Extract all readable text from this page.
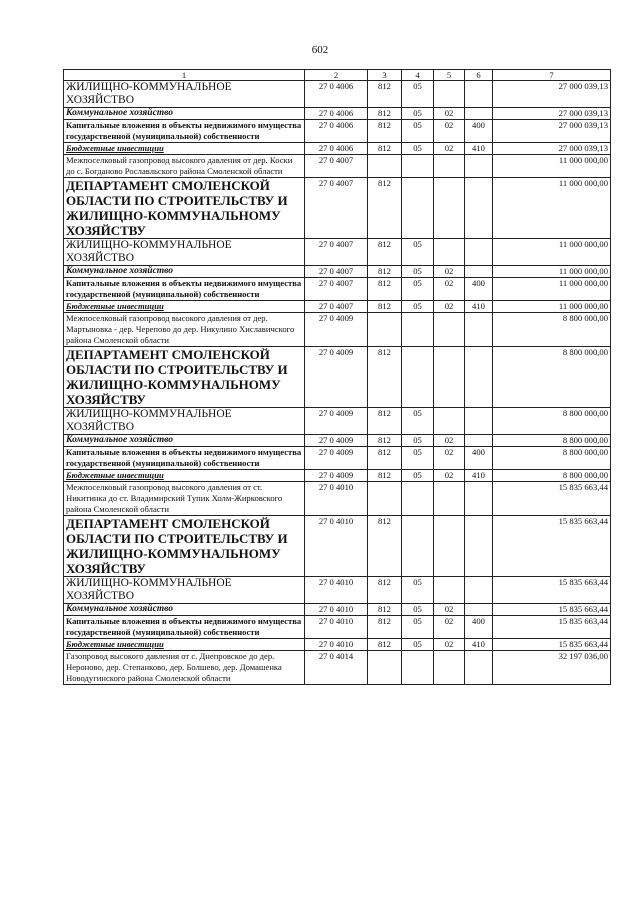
602
1	2	3	4	5	6	7
ЖИЛИЩНО-КОММУНАЛЬНОЕ ХОЗЯЙСТВО	27 0 4006	812	05			27 000 039,13
Коммунальное хозяйство	27 0 4006	812	05	02		27 000 039,13
Капитальные вложения в объекты недвижимого имущества государственной (муниципальной) собственности	27 0 4006	812	05	02	400	27 000 039,13
Бюджетные инвестиции	27 0 4006	812	05	02	410	27 000 039,13
Межпоселковый газопровод высокого давления от дер. Коски до с. Богданово Рославльского района Смоленской области	27 0 4007					11 000 000,00
ДЕПАРТАМЕНТ СМОЛЕНСКОЙ ОБЛАСТИ ПО СТРОИТЕЛЬСТВУ И ЖИЛИЩНО-КОММУНАЛЬНОМУ ХОЗЯЙСТВУ	27 0 4007	812				11 000 000,00
ЖИЛИЩНО-КОММУНАЛЬНОЕ ХОЗЯЙСТВО	27 0 4007	812	05			11 000 000,00
Коммунальное хозяйство	27 0 4007	812	05	02		11 000 000,00
Капитальные вложения в объекты недвижимого имущества государственной (муниципальной) собственности	27 0 4007	812	05	02	400	11 000 000,00
Бюджетные инвестиции	27 0 4007	812	05	02	410	11 000 000,00
Межпоселковый газопровод высокого давления от дер. Мартыновка - дер. Черепово до дер. Никулино Хиславичского района Смоленской области	27 0 4009					8 800 000,00
ДЕПАРТАМЕНТ СМОЛЕНСКОЙ ОБЛАСТИ ПО СТРОИТЕЛЬСТВУ И ЖИЛИЩНО-КОММУНАЛЬНОМУ ХОЗЯЙСТВУ	27 0 4009	812				8 800 000,00
ЖИЛИЩНО-КОММУНАЛЬНОЕ ХОЗЯЙСТВО	27 0 4009	812	05			8 800 000,00
Коммунальное хозяйство	27 0 4009	812	05	02		8 800 000,00
Капитальные вложения в объекты недвижимого имущества государственной (муниципальной) собственности	27 0 4009	812	05	02	400	8 800 000,00
Бюджетные инвестиции	27 0 4009	812	05	02	410	8 800 000,00
Межпоселковый газопровод высокого давления от ст. Никитинка до ст. Владимирский Тупик Холм-Жирковского района Смоленской области	27 0 4010					15 835 663,44
ДЕПАРТАМЕНТ СМОЛЕНСКОЙ ОБЛАСТИ ПО СТРОИТЕЛЬСТВУ И ЖИЛИЩНО-КОММУНАЛЬНОМУ ХОЗЯЙСТВУ	27 0 4010	812				15 835 663,44
ЖИЛИЩНО-КОММУНАЛЬНОЕ ХОЗЯЙСТВО	27 0 4010	812	05			15 835 663,44
Коммунальное хозяйство	27 0 4010	812	05	02		15 835 663,44
Капитальные вложения в объекты недвижимого имущества государственной (муниципальной) собственности	27 0 4010	812	05	02	400	15 835 663,44
Бюджетные инвестиции	27 0 4010	812	05	02	410	15 835 663,44
Газопровод высокого давления от с. Днепровское до дер. Нероново, дер. Степанково, дер. Болшево, дер. Домашенка Новодугинского района Смоленской области	27 0 4014					32 197 036,00
